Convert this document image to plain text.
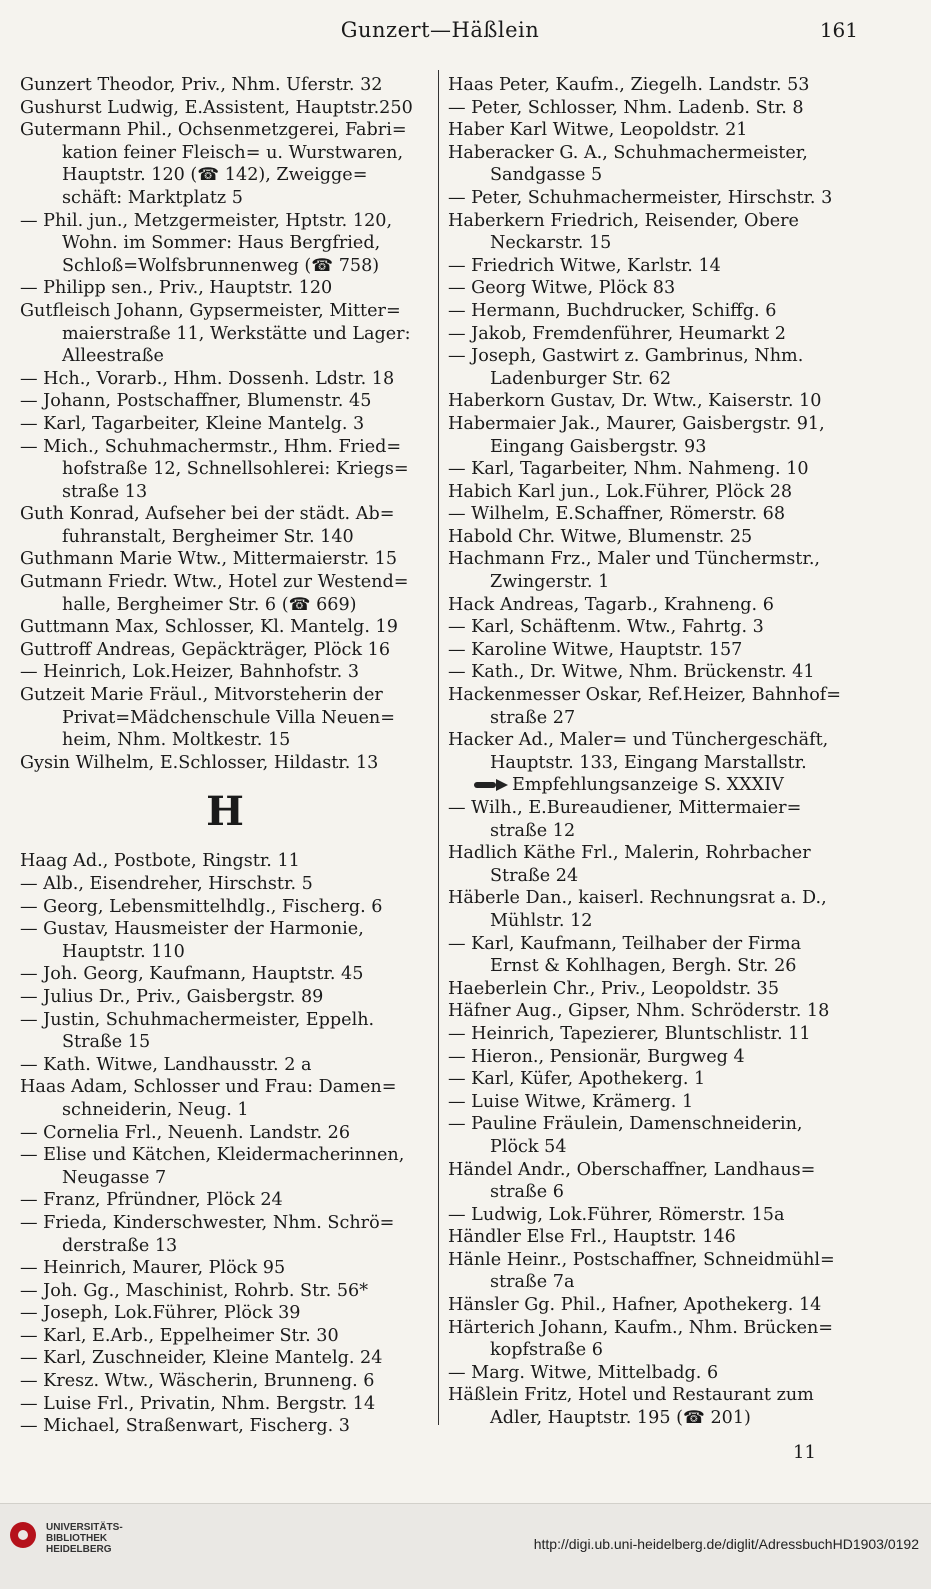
Gunzert—Häßlein	161
Gunzert Theodor, Priv., Nhm. Uferstr. 32
Gushurst Ludwig, E.Assistent, Hauptstr.250
Gutermann Phil., Ochsenmetzgerei, Fabri=
kation feiner Fleisch= u. Wurstwaren,
Hauptstr. 120 (☎ 142), Zweigge=
schäft: Marktplatz 5
— Phil. jun., Metzgermeister, Hptstr. 120,
Wohn. im Sommer: Haus Bergfried,
Schloß=Wolfsbrunnenweg (☎ 758)
— Philipp sen., Priv., Hauptstr. 120
Gutfleisch Johann, Gypsermeister, Mitter=
maierstraße 11, Werkstätte und Lager:
Alleestraße
— Hch., Vorarb., Hhm. Dossenh. Ldstr. 18
— Johann, Postschaffner, Blumenstr. 45
— Karl, Tagarbeiter, Kleine Mantelg. 3
— Mich., Schuhmachermstr., Hhm. Fried=
hofstraße 12, Schnellsohlerei: Kriegs=
straße 13
Guth Konrad, Aufseher bei der städt. Ab=
fuhranstalt, Bergheimer Str. 140
Guthmann Marie Wtw., Mittermaierstr. 15
Gutmann Friedr. Wtw., Hotel zur Westend=
halle, Bergheimer Str. 6 (☎ 669)
Guttmann Max, Schlosser, Kl. Mantelg. 19
Guttroff Andreas, Gepäckträger, Plöck 16
— Heinrich, Lok.Heizer, Bahnhofstr. 3
Gutzeit Marie Fräul., Mitvorsteherin der
Privat=Mädchenschule Villa Neuen=
heim, Nhm. Moltkestr. 15
Gysin Wilhelm, E.Schlosser, Hildastr. 13
H
Haag Ad., Postbote, Ringstr. 11
— Alb., Eisendreher, Hirschstr. 5
— Georg, Lebensmittelhdlg., Fischerg. 6
— Gustav, Hausmeister der Harmonie,
Hauptstr. 110
— Joh. Georg, Kaufmann, Hauptstr. 45
— Julius Dr., Priv., Gaisbergstr. 89
— Justin, Schuhmachermeister, Eppelh.
Straße 15
— Kath. Witwe, Landhausstr. 2 a
Haas Adam, Schlosser und Frau: Damen=
schneiderin, Neug. 1
— Cornelia Frl., Neuenh. Landstr. 26
— Elise und Kätchen, Kleidermacherinnen,
Neugasse 7
— Franz, Pfründner, Plöck 24
— Frieda, Kinderschwester, Nhm. Schrö=
derstraße 13
— Heinrich, Maurer, Plöck 95
— Joh. Gg., Maschinist, Rohrb. Str. 56*
— Joseph, Lok.Führer, Plöck 39
— Karl, E.Arb., Eppelheimer Str. 30
— Karl, Zuschneider, Kleine Mantelg. 24
— Kresz. Wtw., Wäscherin, Brunneng. 6
— Luise Frl., Privatin, Nhm. Bergstr. 14
— Michael, Straßenwart, Fischerg. 3
Haas Peter, Kaufm., Ziegelh. Landstr. 53
— Peter, Schlosser, Nhm. Ladenb. Str. 8
Haber Karl Witwe, Leopoldstr. 21
Haberacker G. A., Schuhmachermeister,
Sandgasse 5
— Peter, Schuhmachermeister, Hirschstr. 3
Haberkern Friedrich, Reisender, Obere
Neckarstr. 15
— Friedrich Witwe, Karlstr. 14
— Georg Witwe, Plöck 83
— Hermann, Buchdrucker, Schiffg. 6
— Jakob, Fremdenführer, Heumarkt 2
— Joseph, Gastwirt z. Gambrinus, Nhm.
Ladenburger Str. 62
Haberkorn Gustav, Dr. Wtw., Kaiserstr. 10
Habermaier Jak., Maurer, Gaisbergstr. 91,
Eingang Gaisbergstr. 93
— Karl, Tagarbeiter, Nhm. Nahmeng. 10
Habich Karl jun., Lok.Führer, Plöck 28
— Wilhelm, E.Schaffner, Römerstr. 68
Habold Chr. Witwe, Blumenstr. 25
Hachmann Frz., Maler und Tünchermstr.,
Zwingerstr. 1
Hack Andreas, Tagarb., Krahneng. 6
— Karl, Schäftenm. Wtw., Fahrtg. 3
— Karoline Witwe, Hauptstr. 157
— Kath., Dr. Witwe, Nhm. Brückenstr. 41
Hackenmesser Oskar, Ref.Heizer, Bahnhof=
straße 27
Hacker Ad., Maler= und Tünchergeschäft,
Hauptstr. 133, Eingang Marstallstr.
Empfehlungsanzeige S. XXXIV
— Wilh., E.Bureaudiener, Mittermaier=
straße 12
Hadlich Käthe Frl., Malerin, Rohrbacher
Straße 24
Häberle Dan., kaiserl. Rechnungsrat a. D.,
Mühlstr. 12
— Karl, Kaufmann, Teilhaber der Firma
Ernst & Kohlhagen, Bergh. Str. 26
Haeberlein Chr., Priv., Leopoldstr. 35
Häfner Aug., Gipser, Nhm. Schröderstr. 18
— Heinrich, Tapezierer, Bluntschlistr. 11
— Hieron., Pensionär, Burgweg 4
— Karl, Küfer, Apothekerg. 1
— Luise Witwe, Krämerg. 1
— Pauline Fräulein, Damenschneiderin,
Plöck 54
Händel Andr., Oberschaffner, Landhaus=
straße 6
— Ludwig, Lok.Führer, Römerstr. 15a
Händler Else Frl., Hauptstr. 146
Hänle Heinr., Postschaffner, Schneidmühl=
straße 7a
Hänsler Gg. Phil., Hafner, Apothekerg. 14
Härterich Johann, Kaufm., Nhm. Brücken=
kopfstraße 6
— Marg. Witwe, Mittelbadg. 6
Häßlein Fritz, Hotel und Restaurant zum
Adler, Hauptstr. 195 (☎ 201)
11
UNIVERSITÄTS-
BIBLIOTHEK
HEIDELBERG	http://digi.ub.uni-heidelberg.de/diglit/AdressbuchHD1903/0192
